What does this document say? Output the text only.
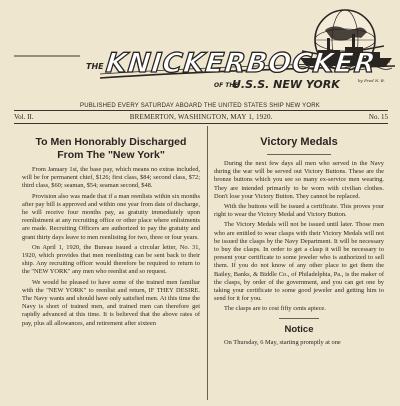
by Fred N. B.
THE KNICKERBOCKER
OF THE
U.S.S. NEW YORK
PUBLISHED EVERY SATURDAY ABOARD THE UNITED STATES SHIP NEW YORK
Vol. II.	BREMERTON, WASHINGTON, MAY 1, 1920.	No. 15
To Men Honorably Discharged
From The "New York"

From January 1st, the base pay, which means no extras included, will be for permanent chief, $126; first class, $84; second class, $72; third class, $60; seaman, $54; seaman second, $48.

Provision also was made that if a man reenlists within six months after pay bill is approved and within one year from date of discharge, he will receive four months pay, as gratuity immediately upon reenlistment at any recruiting office or other place where enlistments are made. Recruiting Officers are authorized to pay the gratuity and grant thirty days leave to men reenlisting for two, three or four years.

On April 1, 1920, the Bureau issued a circular letter, No. 31, 1920, which provides that men reenlisting can be sent back to their ship. Any recruiting officer would therefore be required to return to the "NEW YORK" any men who reenlist and so request.

We would be pleased to have some of the trained men familiar with the "NEW YORK" to reenlist and return, IF THEY DESIRE. The Navy wants and should have only satisfied men. At this time the Navy is short of trained men, and trained men can therefore get rapidly advanced at this time. It is believed that the above rates of pay, plus all allowances, and retirement after sixteen

Victory Medals

During the next few days all men who served in the Navy during the war will be served out Victory Buttons. These are the bronze buttons which you see so many ex-service men wearing. They are intended primarily to be worn with civilian clothes. Don't lose your Victory Button. They cannot be replaced.

With the buttons will be issued a certificate. This proves your right to wear the Victory Medal and Victory Button.

The Victory Medals will not be issued until later. Those men who are entitled to wear clasps with their Victory Medals will not be issued the clasps by the Navy Department. It will be necessary to buy the clasps. In order to get a clasp it will be necessary to present your certificate to some jeweler who is authorized to sell them. If you do not know of any other place to get them the Bailey, Banks, & Biddle Co., of Philadelphia, Pa., is the maker of the clasps, by order of the government, and you can get one by taking your certificate to some good jeweler and getting him to send for it for you.

The clasps are to cost fifty cents apiece.

Notice

On Thursday, 6 May, starting promptly at one
